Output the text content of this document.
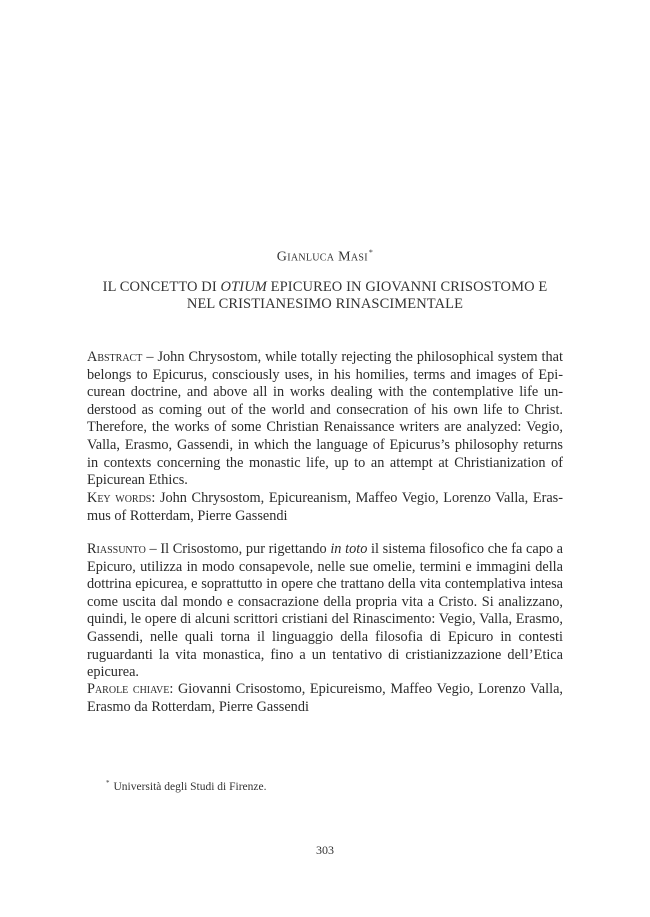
Gianluca Masi*
IL CONCETTO DI OTIUM EPICUREO IN GIOVANNI CRISOSTOMO E
NEL CRISTIANESIMO RINASCIMENTALE
Abstract – John Chrysostom, while totally rejecting the philosophical system that belongs to Epicurus, consciously uses, in his homilies, terms and images of Epicurean doctrine, and above all in works dealing with the contemplative life understood as coming out of the world and consecration of his own life to Christ. Therefore, the works of some Christian Renaissance writers are analyzed: Vegio, Valla, Erasmo, Gassendi, in which the language of Epicurus’s philosophy returns in contexts concerning the monastic life, up to an attempt at Christianization of Epicurean Ethics.
Key words: John Chrysostom, Epicureanism, Maffeo Vegio, Lorenzo Valla, Erasmus of Rotterdam, Pierre Gassendi
Riassunto – Il Crisostomo, pur rigettando in toto il sistema filosofico che fa capo a Epicuro, utilizza in modo consapevole, nelle sue omelie, termini e immagini della dottrina epicurea, e soprattutto in opere che trattano della vita contemplativa intesa come uscita dal mondo e consacrazione della propria vita a Cristo. Si analizzano, quindi, le opere di alcuni scrittori cristiani del Rinascimento: Vegio, Valla, Erasmo, Gassendi, nelle quali torna il linguaggio della filosofia di Epicuro in contesti ruguardanti la vita monastica, fino a un tentativo di cristianizzazione dell’Etica epicurea.
Parole chiave: Giovanni Crisostomo, Epicureismo, Maffeo Vegio, Lorenzo Valla, Erasmo da Rotterdam, Pierre Gassendi
* Università degli Studi di Firenze.
303
